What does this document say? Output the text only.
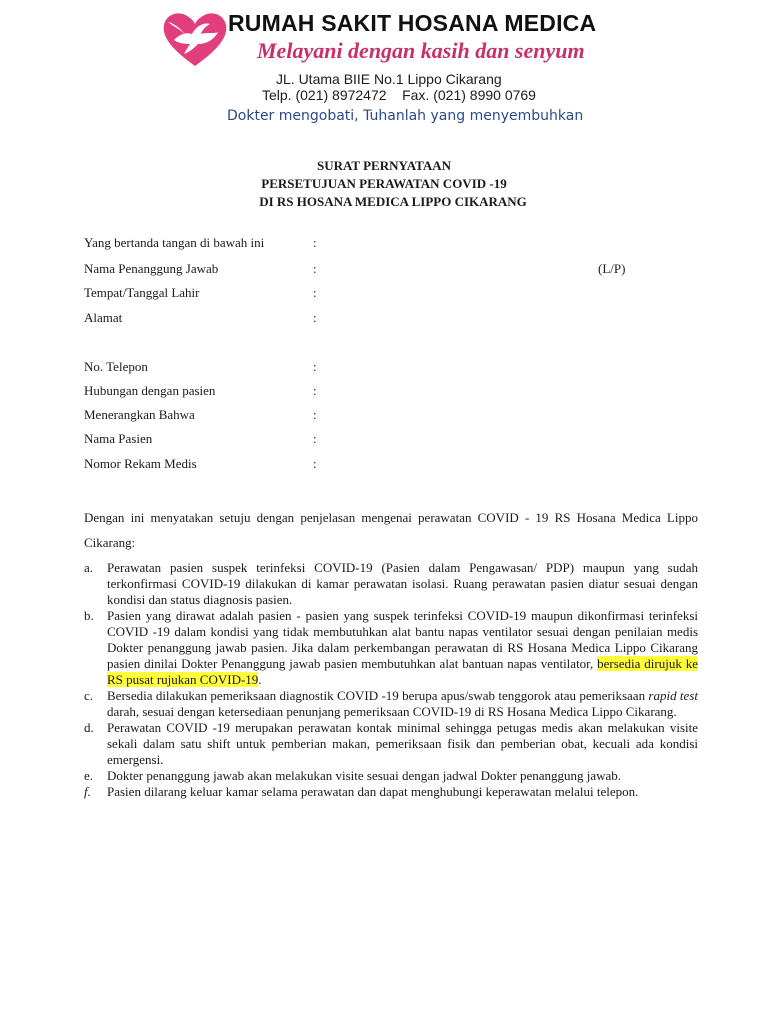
RUMAH SAKIT HOSANA MEDICA
Melayani dengan kasih dan senyum
JL. Utama BIIE No.1 Lippo Cikarang
Telp. (021) 8972472    Fax. (021) 8990 0769
Dokter mengobati, Tuhanlah yang menyembuhkan
SURAT PERNYATAAN
PERSETUJUAN PERAWATAN COVID -19
DI RS HOSANA MEDICA LIPPO CIKARANG
Yang bertanda tangan di bawah ini	:
Nama Penanggung Jawab	:	(L/P)
Tempat/Tanggal Lahir	:
Alamat	:
No. Telepon	:
Hubungan dengan pasien	:
Menerangkan Bahwa	:
Nama Pasien	:
Nomor Rekam Medis	:
Dengan ini menyatakan setuju dengan penjelasan mengenai perawatan COVID - 19 RS Hosana Medica Lippo Cikarang:
a. Perawatan pasien suspek terinfeksi COVID-19 (Pasien dalam Pengawasan/ PDP) maupun yang sudah terkonfirmasi COVID-19 dilakukan di kamar perawatan isolasi. Ruang perawatan pasien diatur sesuai dengan kondisi dan status diagnosis pasien.
b. Pasien yang dirawat adalah pasien - pasien yang suspek terinfeksi COVID-19 maupun dikonfirmasi terinfeksi COVID -19 dalam kondisi yang tidak membutuhkan alat bantu napas ventilator sesuai dengan penilaian medis Dokter penanggung jawab pasien. Jika dalam perkembangan perawatan di RS Hosana Medica Lippo Cikarang pasien dinilai Dokter Penanggung jawab pasien membutuhkan alat bantuan napas ventilator, bersedia dirujuk ke RS pusat rujukan COVID-19.
c. Bersedia dilakukan pemeriksaan diagnostik COVID -19 berupa apus/swab tenggorok atau pemeriksaan rapid test darah, sesuai dengan ketersediaan penunjang pemeriksaan COVID-19 di RS Hosana Medica Lippo Cikarang.
d. Perawatan COVID -19 merupakan perawatan kontak minimal sehingga petugas medis akan melakukan visite sekali dalam satu shift untuk pemberian makan, pemeriksaan fisik dan pemberian obat, kecuali ada kondisi emergensi.
e. Dokter penanggung jawab akan melakukan visite sesuai dengan jadwal Dokter penanggung jawab.
f. Pasien dilarang keluar kamar selama perawatan dan dapat menghubungi keperawatan melalui telepon.
